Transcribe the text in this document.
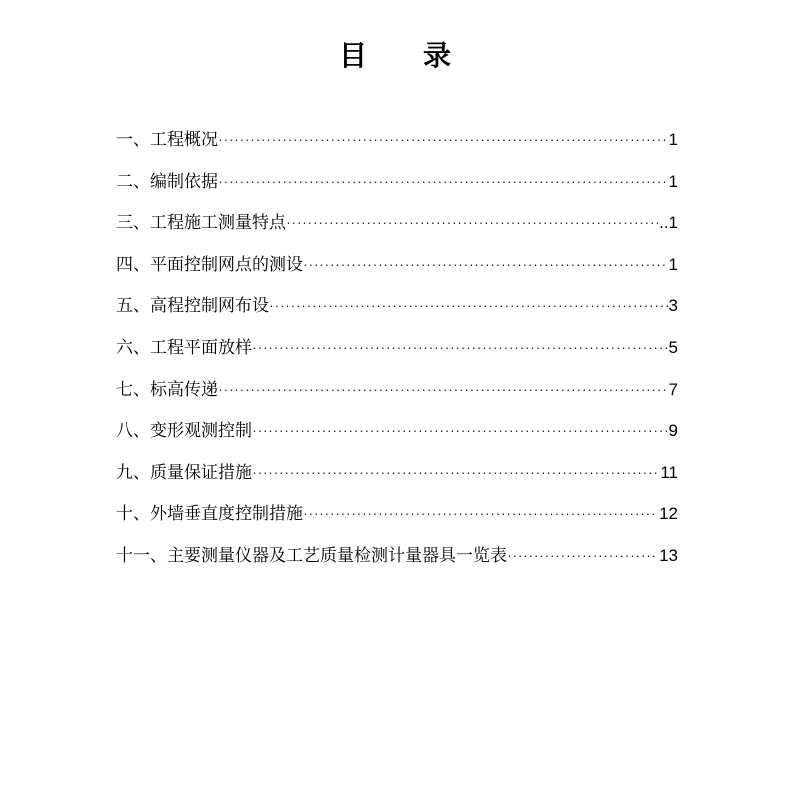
目录
一、工程概况 •••••	1
二、编制依据 •••••	1
三、工程施工测量特点 •••••	..1
四、平面控制网点的测设 •••••	1
五、高程控制网布设 •••••	3
六、工程平面放样 •••••	5
七、标高传递 •••••	7
八、变形观测控制 •••••	9
九、质量保证措施 •••••	11
十、外墙垂直度控制措施 •••••	12
十一、主要测量仪器及工艺质量检测计量器具一览表 •••••	13
